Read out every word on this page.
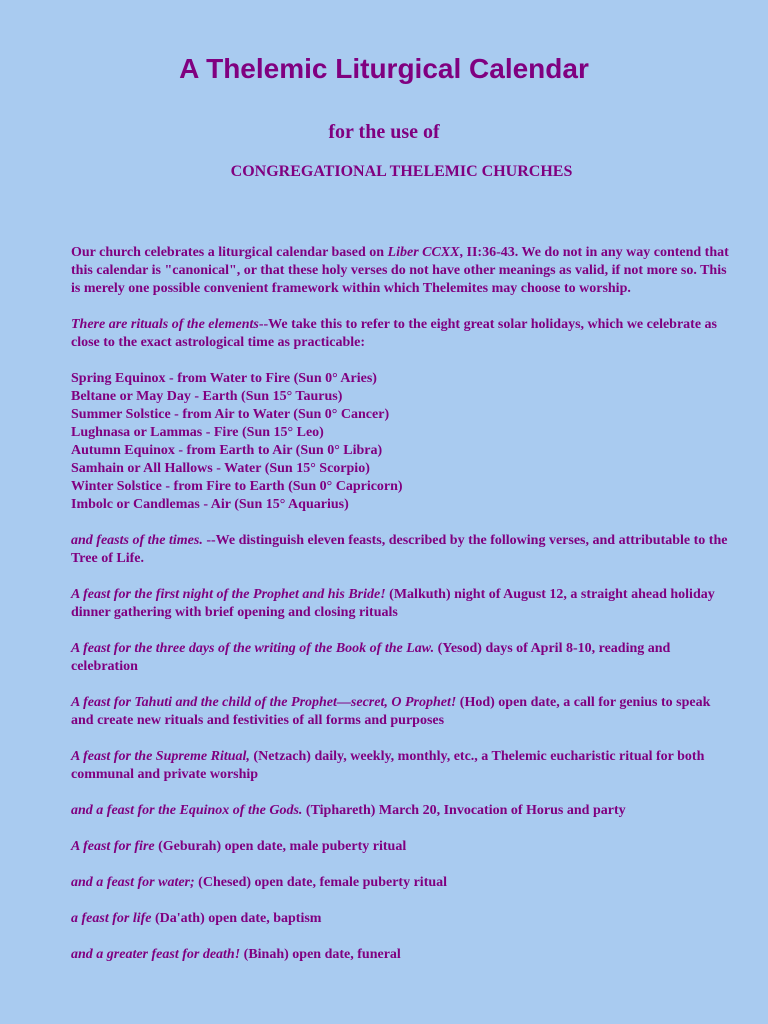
A Thelemic Liturgical Calendar
for the use of
CONGREGATIONAL THELEMIC CHURCHES

Our church celebrates a liturgical calendar based on Liber CCXX, II:36-43. We do not in any way contend that this calendar is "canonical", or that these holy verses do not have other meanings as valid, if not more so. This is merely one possible convenient framework within which Thelemites may choose to worship.

There are rituals of the elements--We take this to refer to the eight great solar holidays, which we celebrate as close to the exact astrological time as practicable:

Spring Equinox - from Water to Fire (Sun 0° Aries)
Beltane or May Day - Earth (Sun 15° Taurus)
Summer Solstice - from Air to Water (Sun 0° Cancer)
Lughnasa or Lammas - Fire (Sun 15° Leo)
Autumn Equinox - from Earth to Air (Sun 0° Libra)
Samhain or All Hallows - Water (Sun 15° Scorpio)
Winter Solstice - from Fire to Earth (Sun 0° Capricorn)
Imbolc or Candlemas - Air (Sun 15° Aquarius)

and feasts of the times. --We distinguish eleven feasts, described by the following verses, and attributable to the Tree of Life.

A feast for the first night of the Prophet and his Bride! (Malkuth) night of August 12, a straight ahead holiday dinner gathering with brief opening and closing rituals

A feast for the three days of the writing of the Book of the Law. (Yesod) days of April 8-10, reading and celebration

A feast for Tahuti and the child of the Prophet—secret, O Prophet! (Hod) open date, a call for genius to speak and create new rituals and festivities of all forms and purposes

A feast for the Supreme Ritual, (Netzach) daily, weekly, monthly, etc., a Thelemic eucharistic ritual for both communal and private worship

and a feast for the Equinox of the Gods. (Tiphareth) March 20, Invocation of Horus and party

A feast for fire (Geburah) open date, male puberty ritual

and a feast for water; (Chesed) open date, female puberty ritual

a feast for life (Da'ath) open date, baptism

and a greater feast for death! (Binah) open date, funeral
